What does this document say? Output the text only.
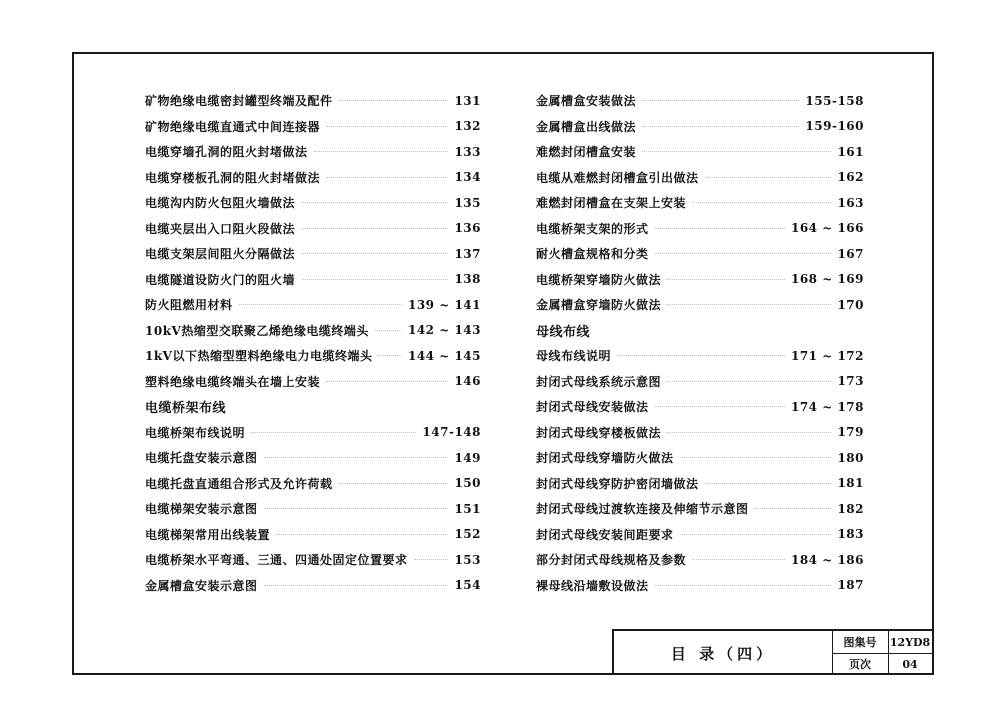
矿物绝缘电缆密封罐型终端及配件	131
矿物绝缘电缆直通式中间连接器	132
电缆穿墙孔洞的阻火封堵做法	133
电缆穿楼板孔洞的阻火封堵做法	134
电缆沟内防火包阻火墙做法	135
电缆夹层出入口阻火段做法	136
电缆支架层间阻火分隔做法	137
电缆隧道设防火门的阻火墙	138
防火阻燃用材料	139 ~ 141
10kV热缩型交联聚乙烯绝缘电缆终端头	142 ~ 143
1kV以下热缩型塑料绝缘电力电缆终端头	144 ~ 145
塑料绝缘电缆终端头在墙上安装	146
电缆桥架布线
电缆桥架布线说明	147-148
电缆托盘安装示意图	149
电缆托盘直通组合形式及允许荷载	150
电缆梯架安装示意图	151
电缆梯架常用出线装置	152
电缆桥架水平弯通、三通、四通处固定位置要求	153
金属槽盒安装示意图	154
金属槽盒安装做法	155-158
金属槽盒出线做法	159-160
难燃封闭槽盒安装	161
电缆从难燃封闭槽盒引出做法	162
难燃封闭槽盒在支架上安装	163
电缆桥架支架的形式	164 ~ 166
耐火槽盒规格和分类	167
电缆桥架穿墙防火做法	168 ~ 169
金属槽盒穿墙防火做法	170
母线布线
母线布线说明	171 ~ 172
封闭式母线系统示意图	173
封闭式母线安装做法	174 ~ 178
封闭式母线穿楼板做法	179
封闭式母线穿墙防火做法	180
封闭式母线穿防护密闭墙做法	181
封闭式母线过渡软连接及伸缩节示意图	182
封闭式母线安装间距要求	183
部分封闭式母线规格及参数	184 ~ 186
裸母线沿墙敷设做法	187
目 录（四）
图集号	12YD8
页次	04
